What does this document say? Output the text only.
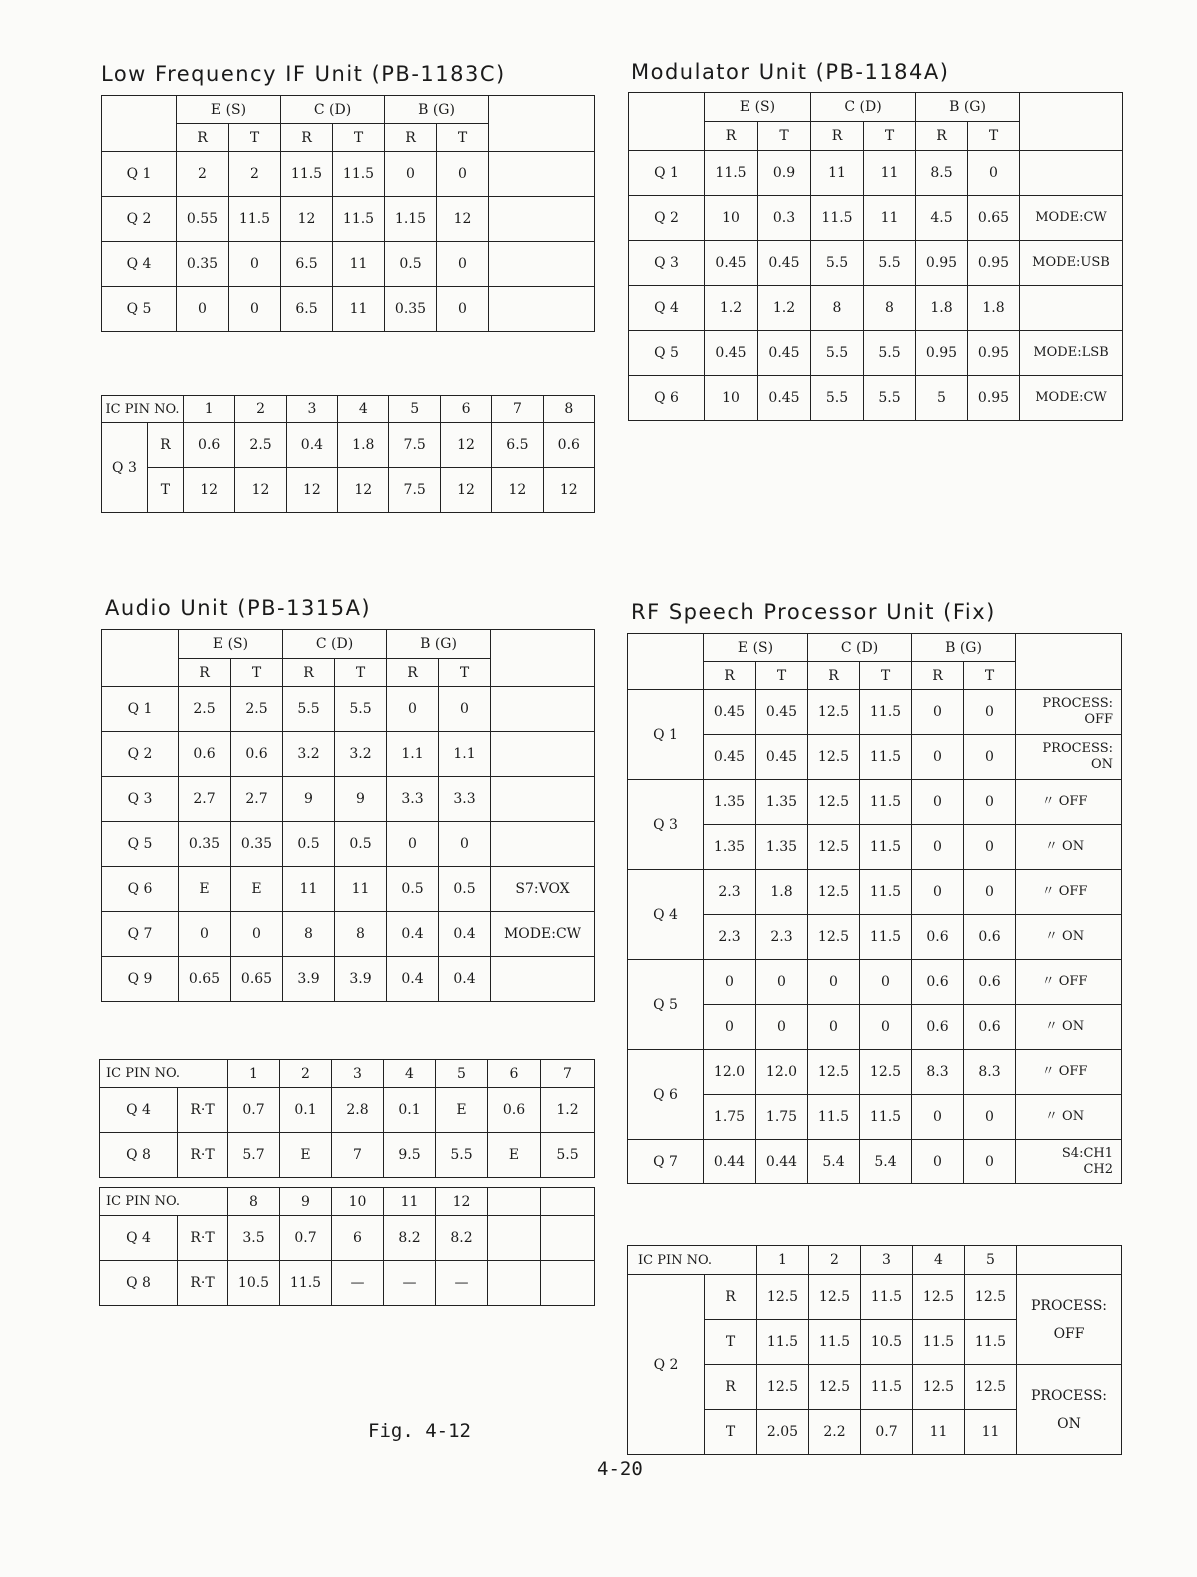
Low Frequency IF Unit (PB-1183C)	Modulator Unit (PB-1184A)
Audio Unit (PB-1315A)	RF Speech Processor Unit (Fix)
	E (S)		C (D)		B (G)		
	R	T	R	T	R	T	
Q 1	2	2	11.5	11.5	0	0	
Q 2	0.55	11.5	12	11.5	1.15	12	
Q 4	0.35	0	6.5	11	0.5	0	
Q 5	0	0	6.5	11	0.35	0	
IC PIN NO.		1	2	3	4	5	6	7	8
Q 3	R	0.6	2.5	0.4	1.8	7.5	12	6.5	0.6
	T	12	12	12	12	7.5	12	12	12
	E (S)		C (D)		B (G)		
	R	T	R	T	R	T	
Q 1	11.5	0.9	11	11	8.5	0	
Q 2	10	0.3	11.5	11	4.5	0.65	MODE:CW
Q 3	0.45	0.45	5.5	5.5	0.95	0.95	MODE:USB
Q 4	1.2	1.2	8	8	1.8	1.8	
Q 5	0.45	0.45	5.5	5.5	0.95	0.95	MODE:LSB
Q 6	10	0.45	5.5	5.5	5	0.95	MODE:CW
	E (S)		C (D)		B (G)		
	R	T	R	T	R	T	
Q 1	2.5	2.5	5.5	5.5	0	0	
Q 2	0.6	0.6	3.2	3.2	1.1	1.1	
Q 3	2.7	2.7	9	9	3.3	3.3	
Q 5	0.35	0.35	0.5	0.5	0	0	
Q 6	E	E	11	11	0.5	0.5	S7:VOX
Q 7	0	0	8	8	0.4	0.4	MODE:CW
Q 9	0.65	0.65	3.9	3.9	0.4	0.4	
IC PIN NO.		1	2	3	4	5	6	7
Q 4	R·T	0.7	0.1	2.8	0.1	E	0.6	1.2
Q 8	R·T	5.7	E	7	9.5	5.5	E	5.5
IC PIN NO.		8	9	10	11	12		
Q 4	R·T	3.5	0.7	6	8.2	8.2		
Q 8	R·T	10.5	11.5	—	—	—		
	E (S)		C (D)		B (G)		
	R	T	R	T	R	T	
Q 1	0.45	0.45	12.5	11.5	0	0	PROCESS:
OFF
	0.45	0.45	12.5	11.5	0	0	PROCESS:
ON
Q 3	1.35	1.35	12.5	11.5	0	0	〃 OFF
	1.35	1.35	12.5	11.5	0	0	〃 ON
Q 4	2.3	1.8	12.5	11.5	0	0	〃 OFF
	2.3	2.3	12.5	11.5	0.6	0.6	〃 ON
Q 5	0	0	0	0	0.6	0.6	〃 OFF
	0	0	0	0	0.6	0.6	〃 ON
Q 6	12.0	12.0	12.5	12.5	8.3	8.3	〃 OFF
	1.75	1.75	11.5	11.5	0	0	〃 ON
Q 7	0.44	0.44	5.4	5.4	0	0	S4:CH1
CH2
IC PIN NO.		1	2	3	4	5	
Q 2	R	12.5	12.5	11.5	12.5	12.5	PROCESS:
OFF
	T	11.5	11.5	10.5	11.5	11.5	
	R	12.5	12.5	11.5	12.5	12.5	PROCESS:
ON
	T	2.05	2.2	0.7	11	11	
Fig. 4-12
4-20
